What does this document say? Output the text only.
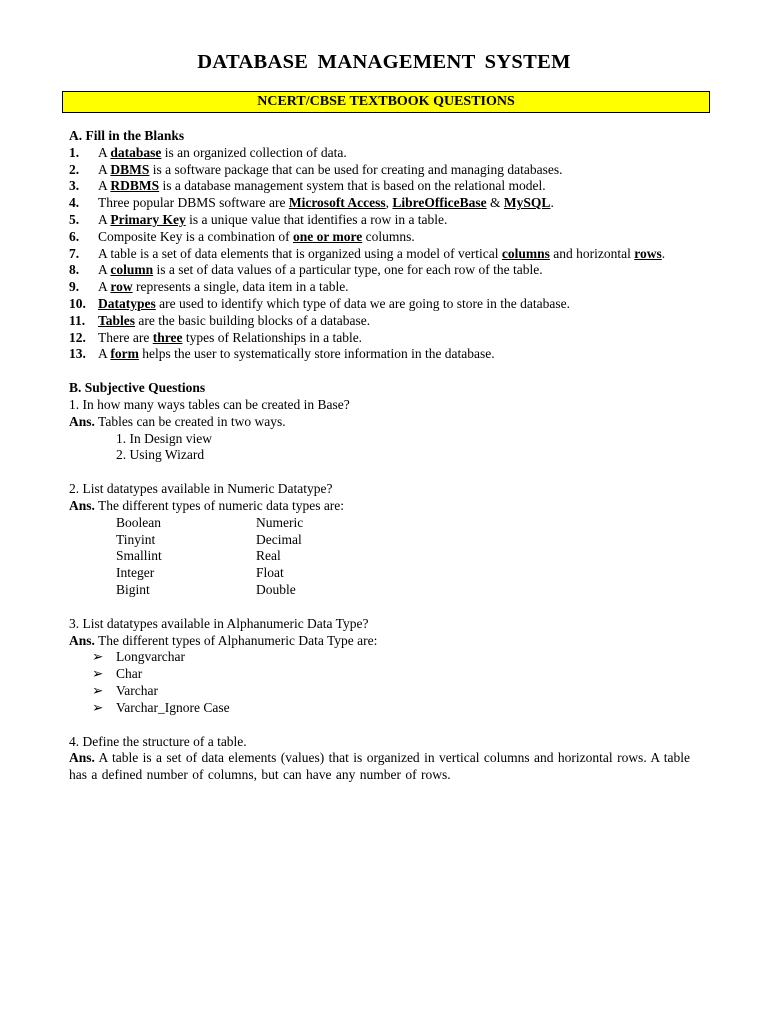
DATABASE MANAGEMENT SYSTEM
NCERT/CBSE TEXTBOOK QUESTIONS
A. Fill in the Blanks
1. A database is an organized collection of data.
2. A DBMS is a software package that can be used for creating and managing databases.
3. A RDBMS is a database management system that is based on the relational model.
4. Three popular DBMS software are Microsoft Access, LibreOfficeBase & MySQL.
5. A Primary Key is a unique value that identifies a row in a table.
6. Composite Key is a combination of one or more columns.
7. A table is a set of data elements that is organized using a model of vertical columns and horizontal rows.
8. A column is a set of data values of a particular type, one for each row of the table.
9. A row represents a single, data item in a table.
10. Datatypes are used to identify which type of data we are going to store in the database.
11. Tables are the basic building blocks of a database.
12. There are three types of Relationships in a table.
13. A form helps the user to systematically store information in the database.
B. Subjective Questions
1. In how many ways tables can be created in Base?
Ans. Tables can be created in two ways.
1. In Design view
2. Using Wizard
2. List datatypes available in Numeric Datatype?
Ans. The different types of numeric data types are:
Boolean	Numeric
Tinyint	Decimal
Smallint	Real
Integer	Float
Bigint	Double
3. List datatypes available in Alphanumeric Data Type?
Ans. The different types of Alphanumeric Data Type are:
➢ Longvarchar
➢ Char
➢ Varchar
➢ Varchar_Ignore Case
4. Define the structure of a table.
Ans. A table is a set of data elements (values) that is organized in vertical columns and horizontal rows. A table has a defined number of columns, but can have any number of rows.
